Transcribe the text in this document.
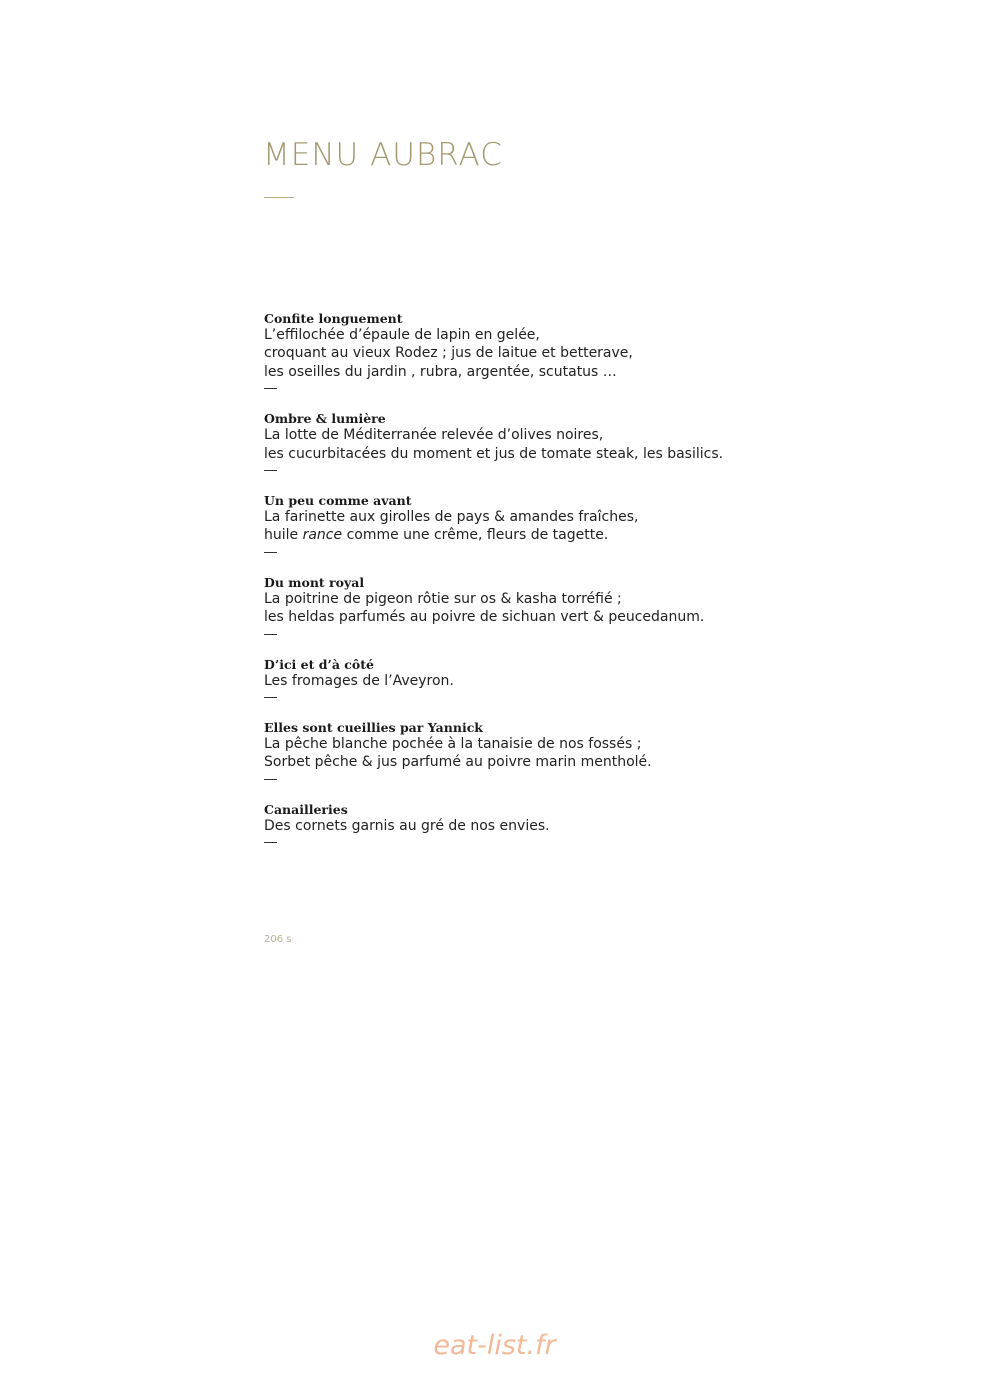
MENU AUBRAC
Confite longuement
L’effilochée d’épaule de lapin en gelée,
croquant au vieux Rodez ; jus de laitue et betterave,
les oseilles du jardin , rubra, argentée, scutatus …
Ombre & lumière
La lotte de Méditerranée relevée d’olives noires,
les cucurbitacées du moment et jus de tomate steak, les basilics.
Un peu comme avant
La farinette aux girolles de pays & amandes fraîches,
huile rance comme une crême, fleurs de tagette.
Du mont royal
La poitrine de pigeon rôtie sur os & kasha torréfié ;
les heldas parfumés au poivre de sichuan vert & peucedanum.
D’ici et d’à côté
Les fromages de l’Aveyron.
Elles sont cueillies par Yannick
La pêche blanche pochée à la tanaisie de nos fossés ;
Sorbet pêche & jus parfumé au poivre marin mentholé.
Canailleries
Des cornets garnis au gré de nos envies.
206 s
eat-list.fr
